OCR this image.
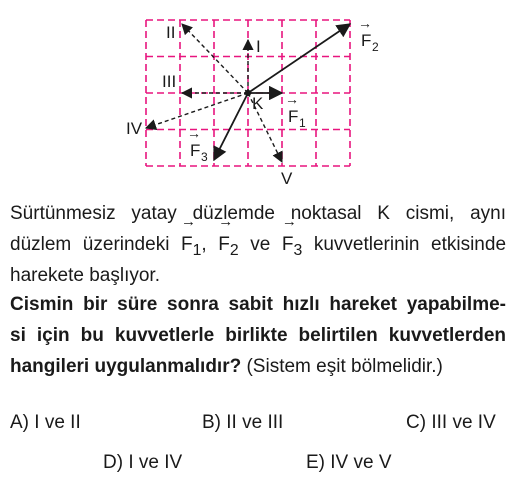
K
I
II
III
IV
V
F 1
→
F 2
→
F 3
→
Sürtünmesiz yatay düzlemde noktasal K cismi, aynı
düzlem üzerindeki → $F_1$, → $F_2$ ve → $F_3$ kuvvetlerinin etkisinde
harekete başlıyor.
Cismin bir süre sonra sabit hızlı hareket yapabilme-
si için bu kuvvetlerle birlikte belirtilen kuvvetlerden
hangileri uygulanmalıdır? (Sistem eşit bölmelidir.)
A) I ve II	B) II ve III	C) III ve IV
D) I ve IV	E) IV ve V
